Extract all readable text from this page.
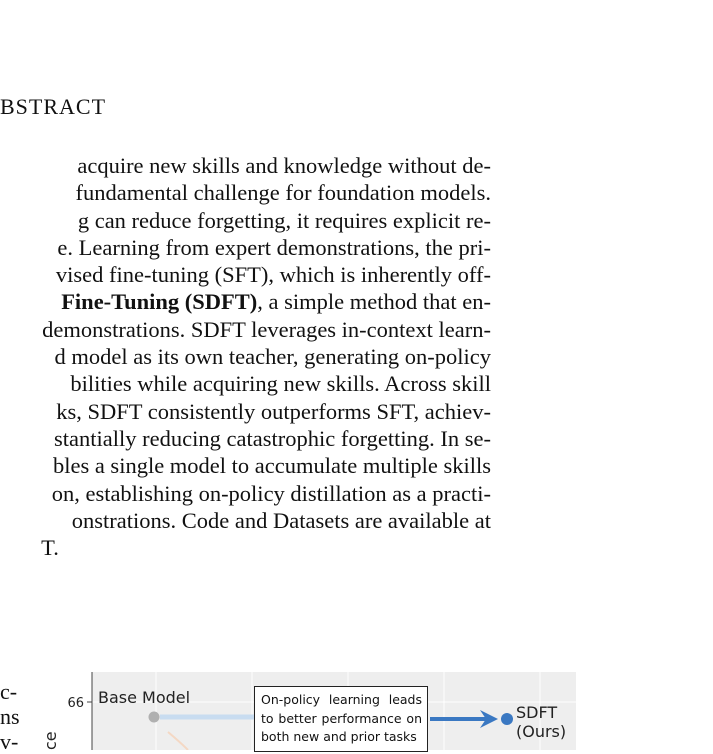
BSTRACT
acquire new skills and knowledge without de-
fundamental challenge for foundation models.
g can reduce forgetting, it requires explicit re-
e. Learning from expert demonstrations, the pri-
vised fine-tuning (SFT), which is inherently off-
Fine-Tuning (SDFT), a simple method that en-
demonstrations. SDFT leverages in-context learn-
d model as its own teacher, generating on-policy
bilities while acquiring new skills. Across skill
ks, SDFT consistently outperforms SFT, achiev-
stantially reducing catastrophic forgetting. In se-
bles a single model to accumulate multiple skills
on, establishing on-policy distillation as a practi-
onstrations. Code and Datasets are available at
T.
c-
ns
v- ce
66 Base Model
SDFT
(Ours)
On-policy learning leads to better performance on both new and prior tasks
